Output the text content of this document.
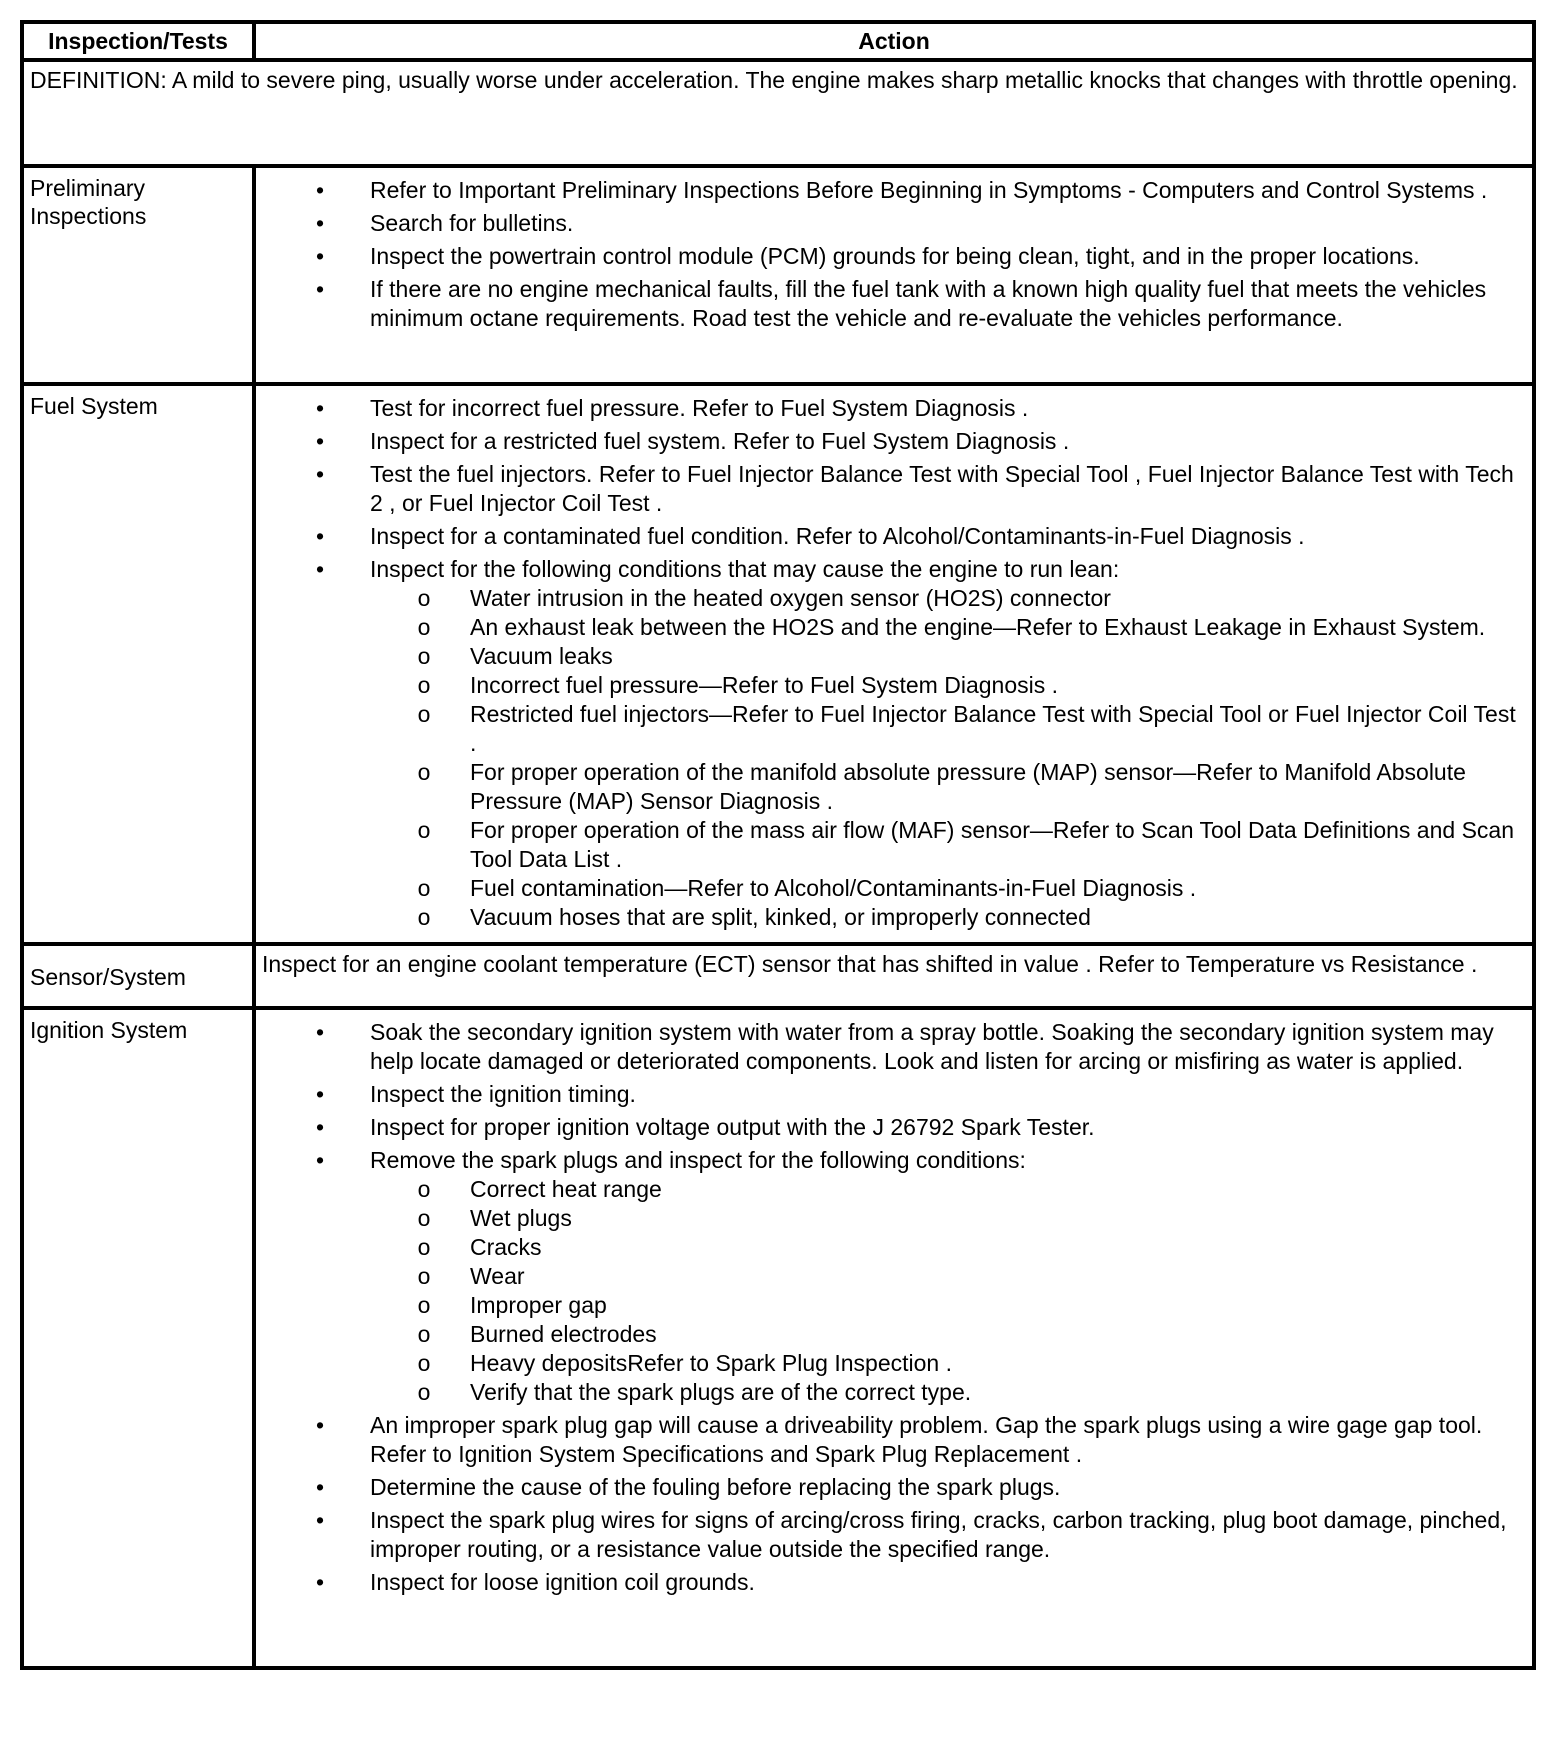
Inspection/Tests	Action
DEFINITION: A mild to severe ping, usually worse under acceleration. The engine makes sharp metallic knocks that changes with throttle opening.
Preliminary Inspections
• Refer to Important Preliminary Inspections Before Beginning in Symptoms - Computers and Control Systems .
• Search for bulletins.
• Inspect the powertrain control module (PCM) grounds for being clean, tight, and in the proper locations.
• If there are no engine mechanical faults, fill the fuel tank with a known high quality fuel that meets the vehicles minimum octane requirements. Road test the vehicle and re-evaluate the vehicles performance.
Fuel System	• Test for incorrect fuel pressure. Refer to Fuel System Diagnosis .
• Inspect for a restricted fuel system. Refer to Fuel System Diagnosis .
• Test the fuel injectors. Refer to Fuel Injector Balance Test with Special Tool , Fuel Injector Balance Test with Tech 2 , or Fuel Injector Coil Test .
• Inspect for a contaminated fuel condition. Refer to Alcohol/Contaminants-in-Fuel Diagnosis .
• Inspect for the following conditions that may cause the engine to run lean:
o Water intrusion in the heated oxygen sensor (HO2S) connector
o An exhaust leak between the HO2S and the engine—Refer to Exhaust Leakage in Exhaust System.
o Vacuum leaks
o Incorrect fuel pressure—Refer to Fuel System Diagnosis .
o Restricted fuel injectors—Refer to Fuel Injector Balance Test with Special Tool or Fuel Injector Coil Test .
o For proper operation of the manifold absolute pressure (MAP) sensor—Refer to Manifold Absolute Pressure (MAP) Sensor Diagnosis .
o For proper operation of the mass air flow (MAF) sensor—Refer to Scan Tool Data Definitions and Scan Tool Data List .
o Fuel contamination—Refer to Alcohol/Contaminants-in-Fuel Diagnosis .
o Vacuum hoses that are split, kinked, or improperly connected
Sensor/System	Inspect for an engine coolant temperature (ECT) sensor that has shifted in value . Refer to Temperature vs Resistance .
Ignition System	• Soak the secondary ignition system with water from a spray bottle. Soaking the secondary ignition system may help locate damaged or deteriorated components. Look and listen for arcing or misfiring as water is applied.
• Inspect the ignition timing.
• Inspect for proper ignition voltage output with the J 26792 Spark Tester.
• Remove the spark plugs and inspect for the following conditions:
o Correct heat range
o Wet plugs
o Cracks
o Wear
o Improper gap
o Burned electrodes
o Heavy depositsRefer to Spark Plug Inspection .
o Verify that the spark plugs are of the correct type.
• An improper spark plug gap will cause a driveability problem. Gap the spark plugs using a wire gage gap tool. Refer to Ignition System Specifications and Spark Plug Replacement .
• Determine the cause of the fouling before replacing the spark plugs.
• Inspect the spark plug wires for signs of arcing/cross firing, cracks, carbon tracking, plug boot damage, pinched, improper routing, or a resistance value outside the specified range.
• Inspect for loose ignition coil grounds.
